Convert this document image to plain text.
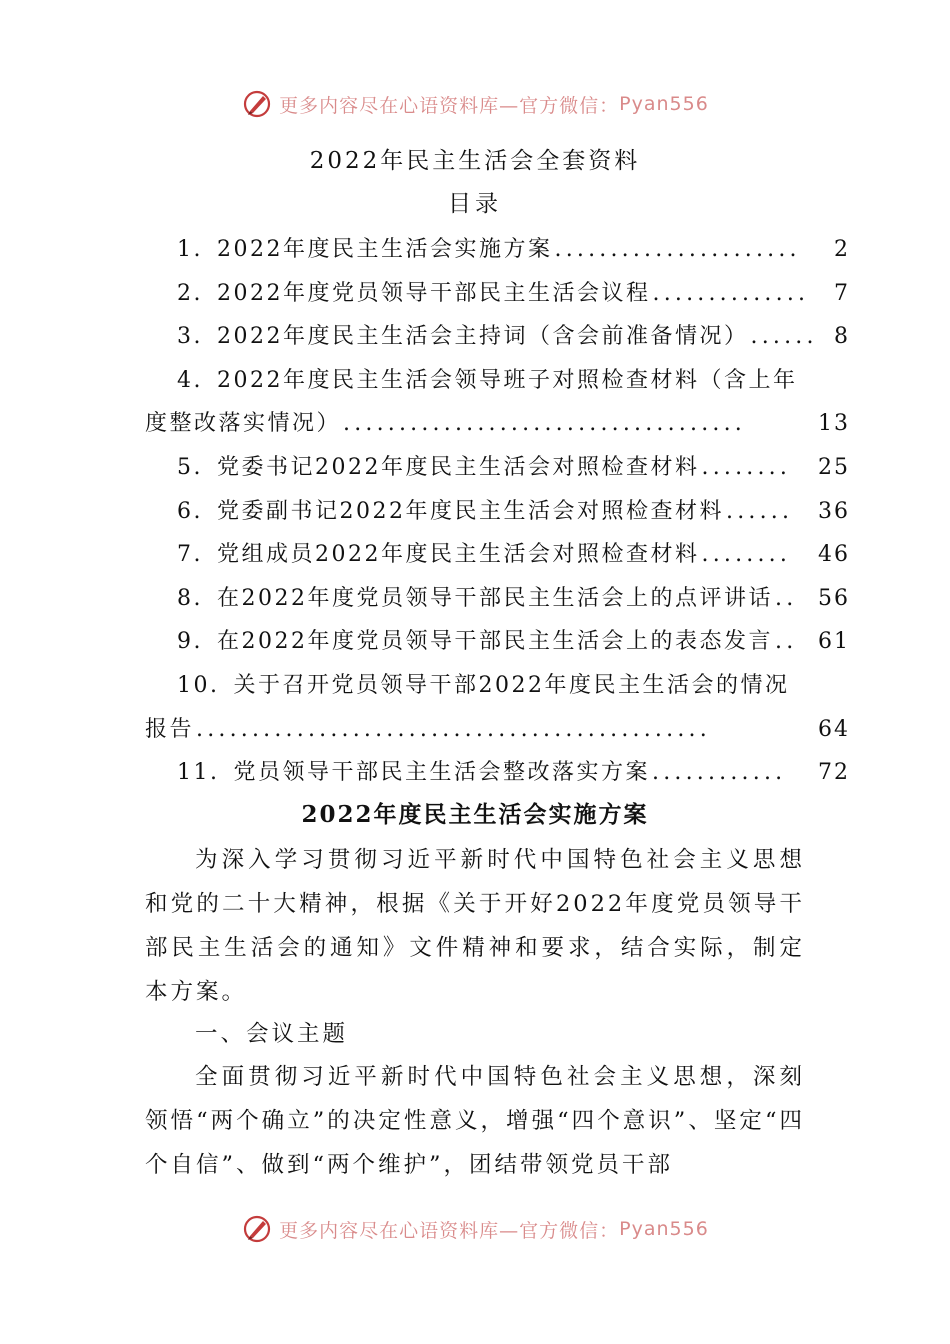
更多内容尽在心语资料库—官方微信： Pyan556
2022年民主生活会全套资料
目录
1. 2022年度民主生活会实施方案 ......................	2
2. 2022年度党员领导干部民主生活会议程 ..............	7
3. 2022年度民主生活会主持词（含会前准备情况） ...... 8
4. 2022年度民主生活会领导班子对照检查材料（含上年
度整改落实情况） ....................................	13
5. 党委书记2022年度民主生活会对照检查材料 ........	25
6. 党委副书记2022年度民主生活会对照检查材料 ......	36
7. 党组成员2022年度民主生活会对照检查材料 ........	46
8. 在2022年度党员领导干部民主生活会上的点评讲话 .. 56
9. 在2022年度党员领导干部民主生活会上的表态发言 .. 61
10. 关于召开党员领导干部2022年度民主生活会的情况
报告 ..............................................	64
11. 党员领导干部民主生活会整改落实方案 ............	72
2022年度民主生活会实施方案
为深入学习贯彻习近平新时代中国特色社会主义思想和党的二十大精神，根据《关于开好2022年度党员领导干部民主生活会的通知》文件精神和要求，结合实际，制定本方案。
一、会议主题
全面贯彻习近平新时代中国特色社会主义思想，深刻领悟“两个确立”的决定性意义，增强“四个意识”、坚定“四个自信”、做到“两个维护”，团结带领党员干部
更多内容尽在心语资料库—官方微信： Pyan556
